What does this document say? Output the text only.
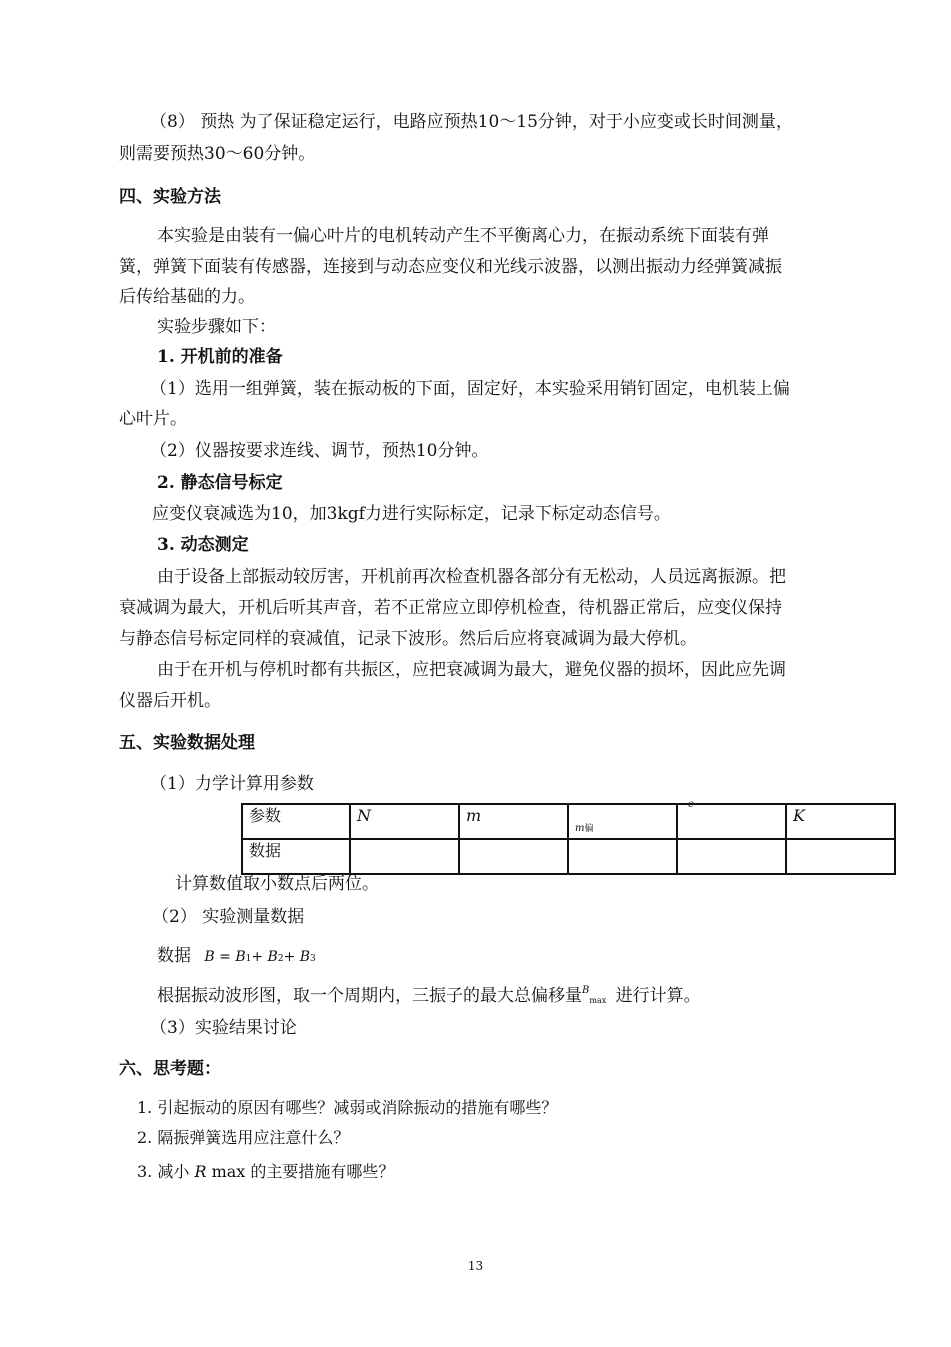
（8） 预热 为了保证稳定运行，电路应预热10～15分钟，对于小应变或长时间测量，
则需要预热30～60分钟。
四、实验方法
本实验是由装有一偏心叶片的电机转动产生不平衡离心力，在振动系统下面装有弹
簧，弹簧下面装有传感器，连接到与动态应变仪和光线示波器，以测出振动力经弹簧减振
后传给基础的力。
实验步骤如下：
1. 开机前的准备
（1）选用一组弹簧，装在振动板的下面，固定好，本实验采用销钉固定，电机装上偏
心叶片。
（2）仪器按要求连线、调节，预热10分钟。
2. 静态信号标定
应变仪衰减选为10，加3kgf力进行实际标定，记录下标定动态信号。
3. 动态测定
由于设备上部振动较厉害，开机前再次检查机器各部分有无松动，人员远离振源。把
衰减调为最大，开机后听其声音，若不正常应立即停机检查，待机器正常后，应变仪保持
与静态信号标定同样的衰减值，记录下波形。然后后应将衰减调为最大停机。
由于在开机与停机时都有共振区，应把衰减调为最大，避免仪器的损坏，因此应先调
仪器后开机。
五、实验数据处理
（1）力学计算用参数
参数	N	m	$_{m偏}$	$^e$	K
数据					
计算数值取小数点后两位。
（2） 实验测量数据
数据 B = B1+ B2+ B3
根据振动波形图，取一个周期内，三振子的最大总偏移量$^B$max 进行计算。
（3）实验结果讨论
六、思考题：
1. 引起振动的原因有哪些？减弱或消除振动的措施有哪些？
2. 隔振弹簧选用应注意什么？
3. 减小 R max 的主要措施有哪些？
13
